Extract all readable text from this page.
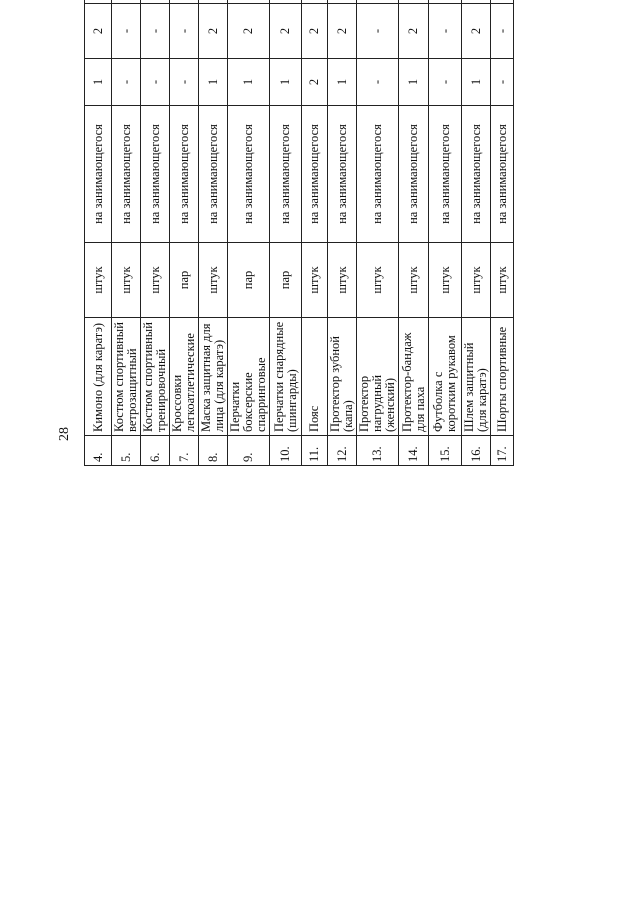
28
4.	Кимоно (для каратэ)	штук	на занимающегося	1	2						
5.	Костюм спортивный ветрозащитный	штук	на занимающегося	-	-						
6.	Костюм спортивный тренировочный	штук	на занимающегося	-	-						
7.	Кроссовки легкоатлетические	пар	на занимающегося	-	-						
8.	Маска защитная для лица (для каратэ)	штук	на занимающегося	1	2						
9.	Перчатки боксерские спарринговые	пар	на занимающегося	1	2						
10.	Перчатки снарядные (шингарды)	пар	на занимающегося	1	2						
11.	Пояс	штук	на занимающегося	2	2						
12.	Протектор зубной (капа)	штук	на занимающегося	1	2						
13.	Протектор нагрудный (женский)	штук	на занимающегося	-	-						
14.	Протектор-бандаж для паха	штук	на занимающегося	1	2						
15.	Футболка с коротким рукавом	штук	на занимающегося	-	-						
16.	Шлем защитный (для каратэ)	штук	на занимающегося	1	2						
17.	Шорты спортивные	штук	на занимающегося	-	-						
